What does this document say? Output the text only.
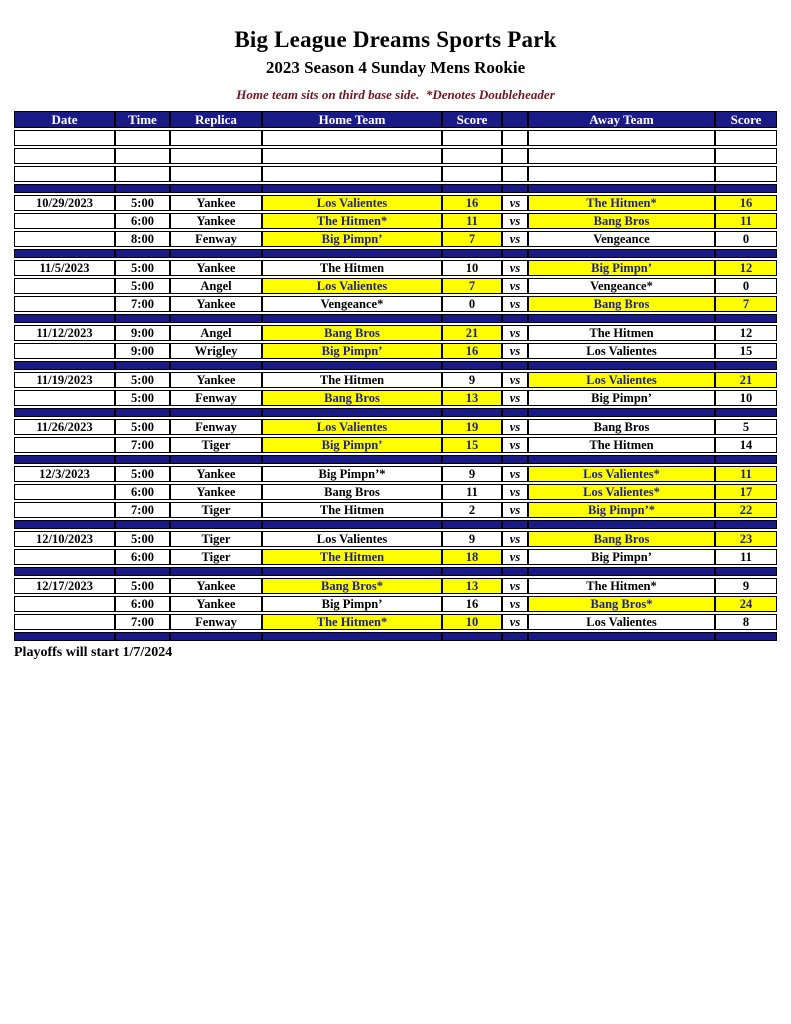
Big League Dreams Sports Park
2023 Season 4 Sunday Mens Rookie

Home team sits on third base side.  *Denotes Doubleheader

Date	Time	Replica	Home Team	Score		Away Team	Score

10/29/2023	5:00	Yankee	Los Valientes	16	vs	The Hitmen*	16
	6:00	Yankee	The Hitmen*	11	vs	Bang Bros	11
	8:00	Fenway	Big Pimpn’	7	vs	Vengeance	0

11/5/2023	5:00	Yankee	The Hitmen	10	vs	Big Pimpn’	12
	5:00	Angel	Los Valientes	7	vs	Vengeance*	0
	7:00	Yankee	Vengeance*	0	vs	Bang Bros	7

11/12/2023	9:00	Angel	Bang Bros	21	vs	The Hitmen	12
	9:00	Wrigley	Big Pimpn’	16	vs	Los Valientes	15

11/19/2023	5:00	Yankee	The Hitmen	9	vs	Los Valientes	21
	5:00	Fenway	Bang Bros	13	vs	Big Pimpn’	10

11/26/2023	5:00	Fenway	Los Valientes	19	vs	Bang Bros	5
	7:00	Tiger	Big Pimpn’	15	vs	The Hitmen	14

12/3/2023	5:00	Yankee	Big Pimpn’*	9	vs	Los Valientes*	11
	6:00	Yankee	Bang Bros	11	vs	Los Valientes*	17
	7:00	Tiger	The Hitmen	2	vs	Big Pimpn’*	22

12/10/2023	5:00	Tiger	Los Valientes	9	vs	Bang Bros	23
	6:00	Tiger	The Hitmen	18	vs	Big Pimpn’	11

12/17/2023	5:00	Yankee	Bang Bros*	13	vs	The Hitmen*	9
	6:00	Yankee	Big Pimpn’	16	vs	Bang Bros*	24
	7:00	Fenway	The Hitmen*	10	vs	Los Valientes	8

Playoffs will start 1/7/2024
